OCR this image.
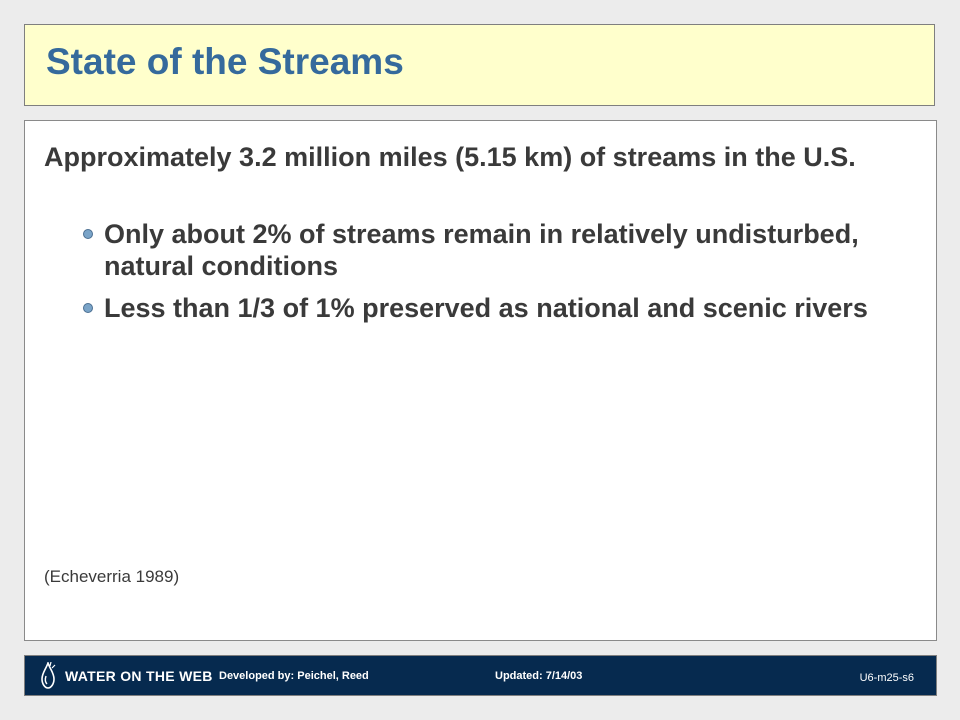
State of the Streams
Approximately 3.2 million miles (5.15 km) of streams in the U.S.
Only about 2% of streams remain in relatively undisturbed, natural conditions
Less than 1/3 of 1% preserved as national and scenic rivers
(Echeverria 1989)
WATER ON THE WEB Developed by: Peichel, Reed	Updated: 7/14/03	U6-m25-s6
